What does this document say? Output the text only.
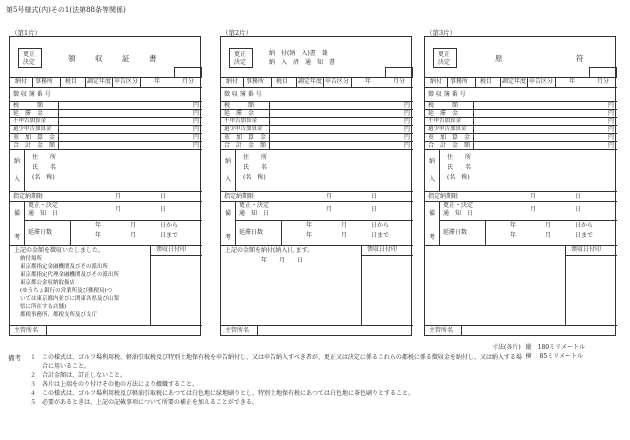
第5号様式(内)その1(法第88条等関係)
（第1片）
更正
決定	領　収　証　書
納付 事務所 税目 調定年度 申告区分	年	月分
徴 収 簿 番 号
税　　　額	円
延　滞　金	円
不申告加算金	円
過少申告加算金	円
重　加　算　金	円
合　計　金　額	円
納
入
住　　所
氏　　名
(名　称)
指定納期限	月	日
備
考
更正・決定
通　知　日
月	日
延滞日数
年	月	日から
年	月	日まで
領収日付印
上記の金額を徴収いたしました。
納付場所
東京都指定金融機関及びその派出所
東京都指定代理金融機関及びその派出所
東京都公金収納取扱店
(ゆうちょ銀行の営業所及び郵便局(つ
いては東京都内並びに関東各県及び山梨
県に所在する店舗)
都税事務所、都税支所及び支庁
主管所名
（第2片）
更正
決定
納　付(納　入)書　兼
納　入　済　通　知　書
納付 事務所 税目 調定年度 申告区分	年	月分
徴 収 簿 番 号
税　　　額	円
延　滞　金	円
不申告加算金	円
過少申告加算金	円
重　加　算　金	円
合　計　金　額	円
納
入
住　　所
氏　　名
(名　称)
指定納期限	月	日
備
考
更正・決定
通　知　日
月	日
延滞日数
年	月	日から
年	月	日まで
領収日付印
上記の金額を納付(納入)します。
年　　月　　日
主管所名
（第3片）
更正
決定	原　　　　　符
納付 事務所 税目 調定年度 申告区分	年	月分
徴 収 簿 番 号
税　　　額	円
延　滞　金	円
不申告加算金	円
過少申告加算金	円
重　加　算　金	円
合　計　金　額	円
納
入
住　　所
氏　　名
(名　称)
指定納期限	月	日
備
考
更正・決定
通　知　日
月	日
延滞日数
年	月	日から
年	月	日まで
領収日付印
主管所名
寸法(各片) 縦　180ミリメートル
横　 85ミリメートル
備考 １　この様式は、ゴルフ場利用税、軽油引取税及び特別土地保有税を申告納付し、又は申告納入すべき者が、更正又は決定に係るこれらの都税に係る徴収金を納付し、又は納入する場
　　合に用いること。
２　合計金額は、訂正しないこと。
３　各片は上端をのり付けその他の方法により綴織すること。
４　この様式は、ゴルフ場利用税及び軽油引取税にあつては白色地に緑地刷りとし、特別土地保有税にあつては白色地に茶色刷りとすること。
５　必要があるときは、上記の記載事項について所要の補正を加えることができる。
